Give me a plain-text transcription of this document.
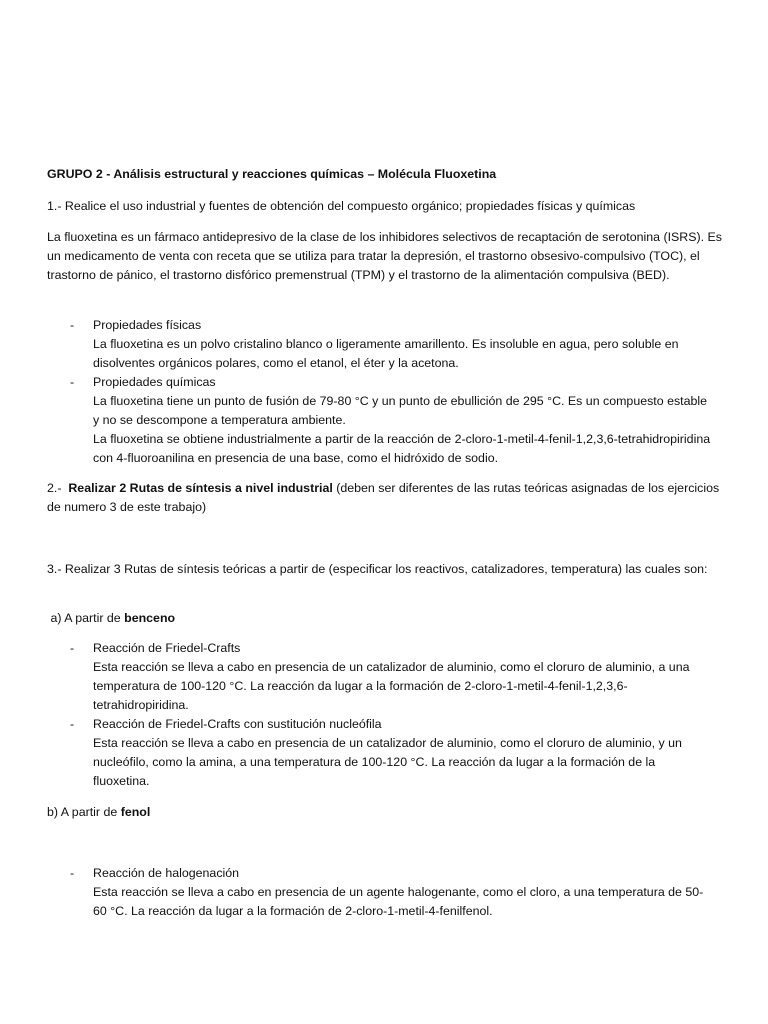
GRUPO 2 - Análisis estructural y reacciones químicas – Molécula Fluoxetina

1.- Realice el uso industrial y fuentes de obtención del compuesto orgánico; propiedades físicas y químicas

La fluoxetina es un fármaco antidepresivo de la clase de los inhibidores selectivos de recaptación de serotonina (ISRS). Es un medicamento de venta con receta que se utiliza para tratar la depresión, el trastorno obsesivo-compulsivo (TOC), el trastorno de pánico, el trastorno disfórico premenstrual (TPM) y el trastorno de la alimentación compulsiva (BED).

- Propiedades físicas
La fluoxetina es un polvo cristalino blanco o ligeramente amarillento. Es insoluble en agua, pero soluble en disolventes orgánicos polares, como el etanol, el éter y la acetona.
- Propiedades químicas
La fluoxetina tiene un punto de fusión de 79-80 °C y un punto de ebullición de 295 °C. Es un compuesto estable y no se descompone a temperatura ambiente.
La fluoxetina se obtiene industrialmente a partir de la reacción de 2-cloro-1-metil-4-fenil-1,2,3,6-tetrahidropiridina con 4-fluoroanilina en presencia de una base, como el hidróxido de sodio.

2.-  Realizar 2 Rutas de síntesis a nivel industrial (deben ser diferentes de las rutas teóricas asignadas de los ejercicios de numero 3 de este trabajo)

3.- Realizar 3 Rutas de síntesis teóricas a partir de (especificar los reactivos, catalizadores, temperatura) las cuales son:

a) A partir de benceno

- Reacción de Friedel-Crafts
Esta reacción se lleva a cabo en presencia de un catalizador de aluminio, como el cloruro de aluminio, a una temperatura de 100-120 °C. La reacción da lugar a la formación de 2-cloro-1-metil-4-fenil-1,2,3,6-tetrahidropiridina.
- Reacción de Friedel-Crafts con sustitución nucleófila
Esta reacción se lleva a cabo en presencia de un catalizador de aluminio, como el cloruro de aluminio, y un nucleófilo, como la amina, a una temperatura de 100-120 °C. La reacción da lugar a la formación de la fluoxetina.

b) A partir de fenol

- Reacción de halogenación
Esta reacción se lleva a cabo en presencia de un agente halogenante, como el cloro, a una temperatura de 50-60 °C. La reacción da lugar a la formación de 2-cloro-1-metil-4-fenilfenol.
